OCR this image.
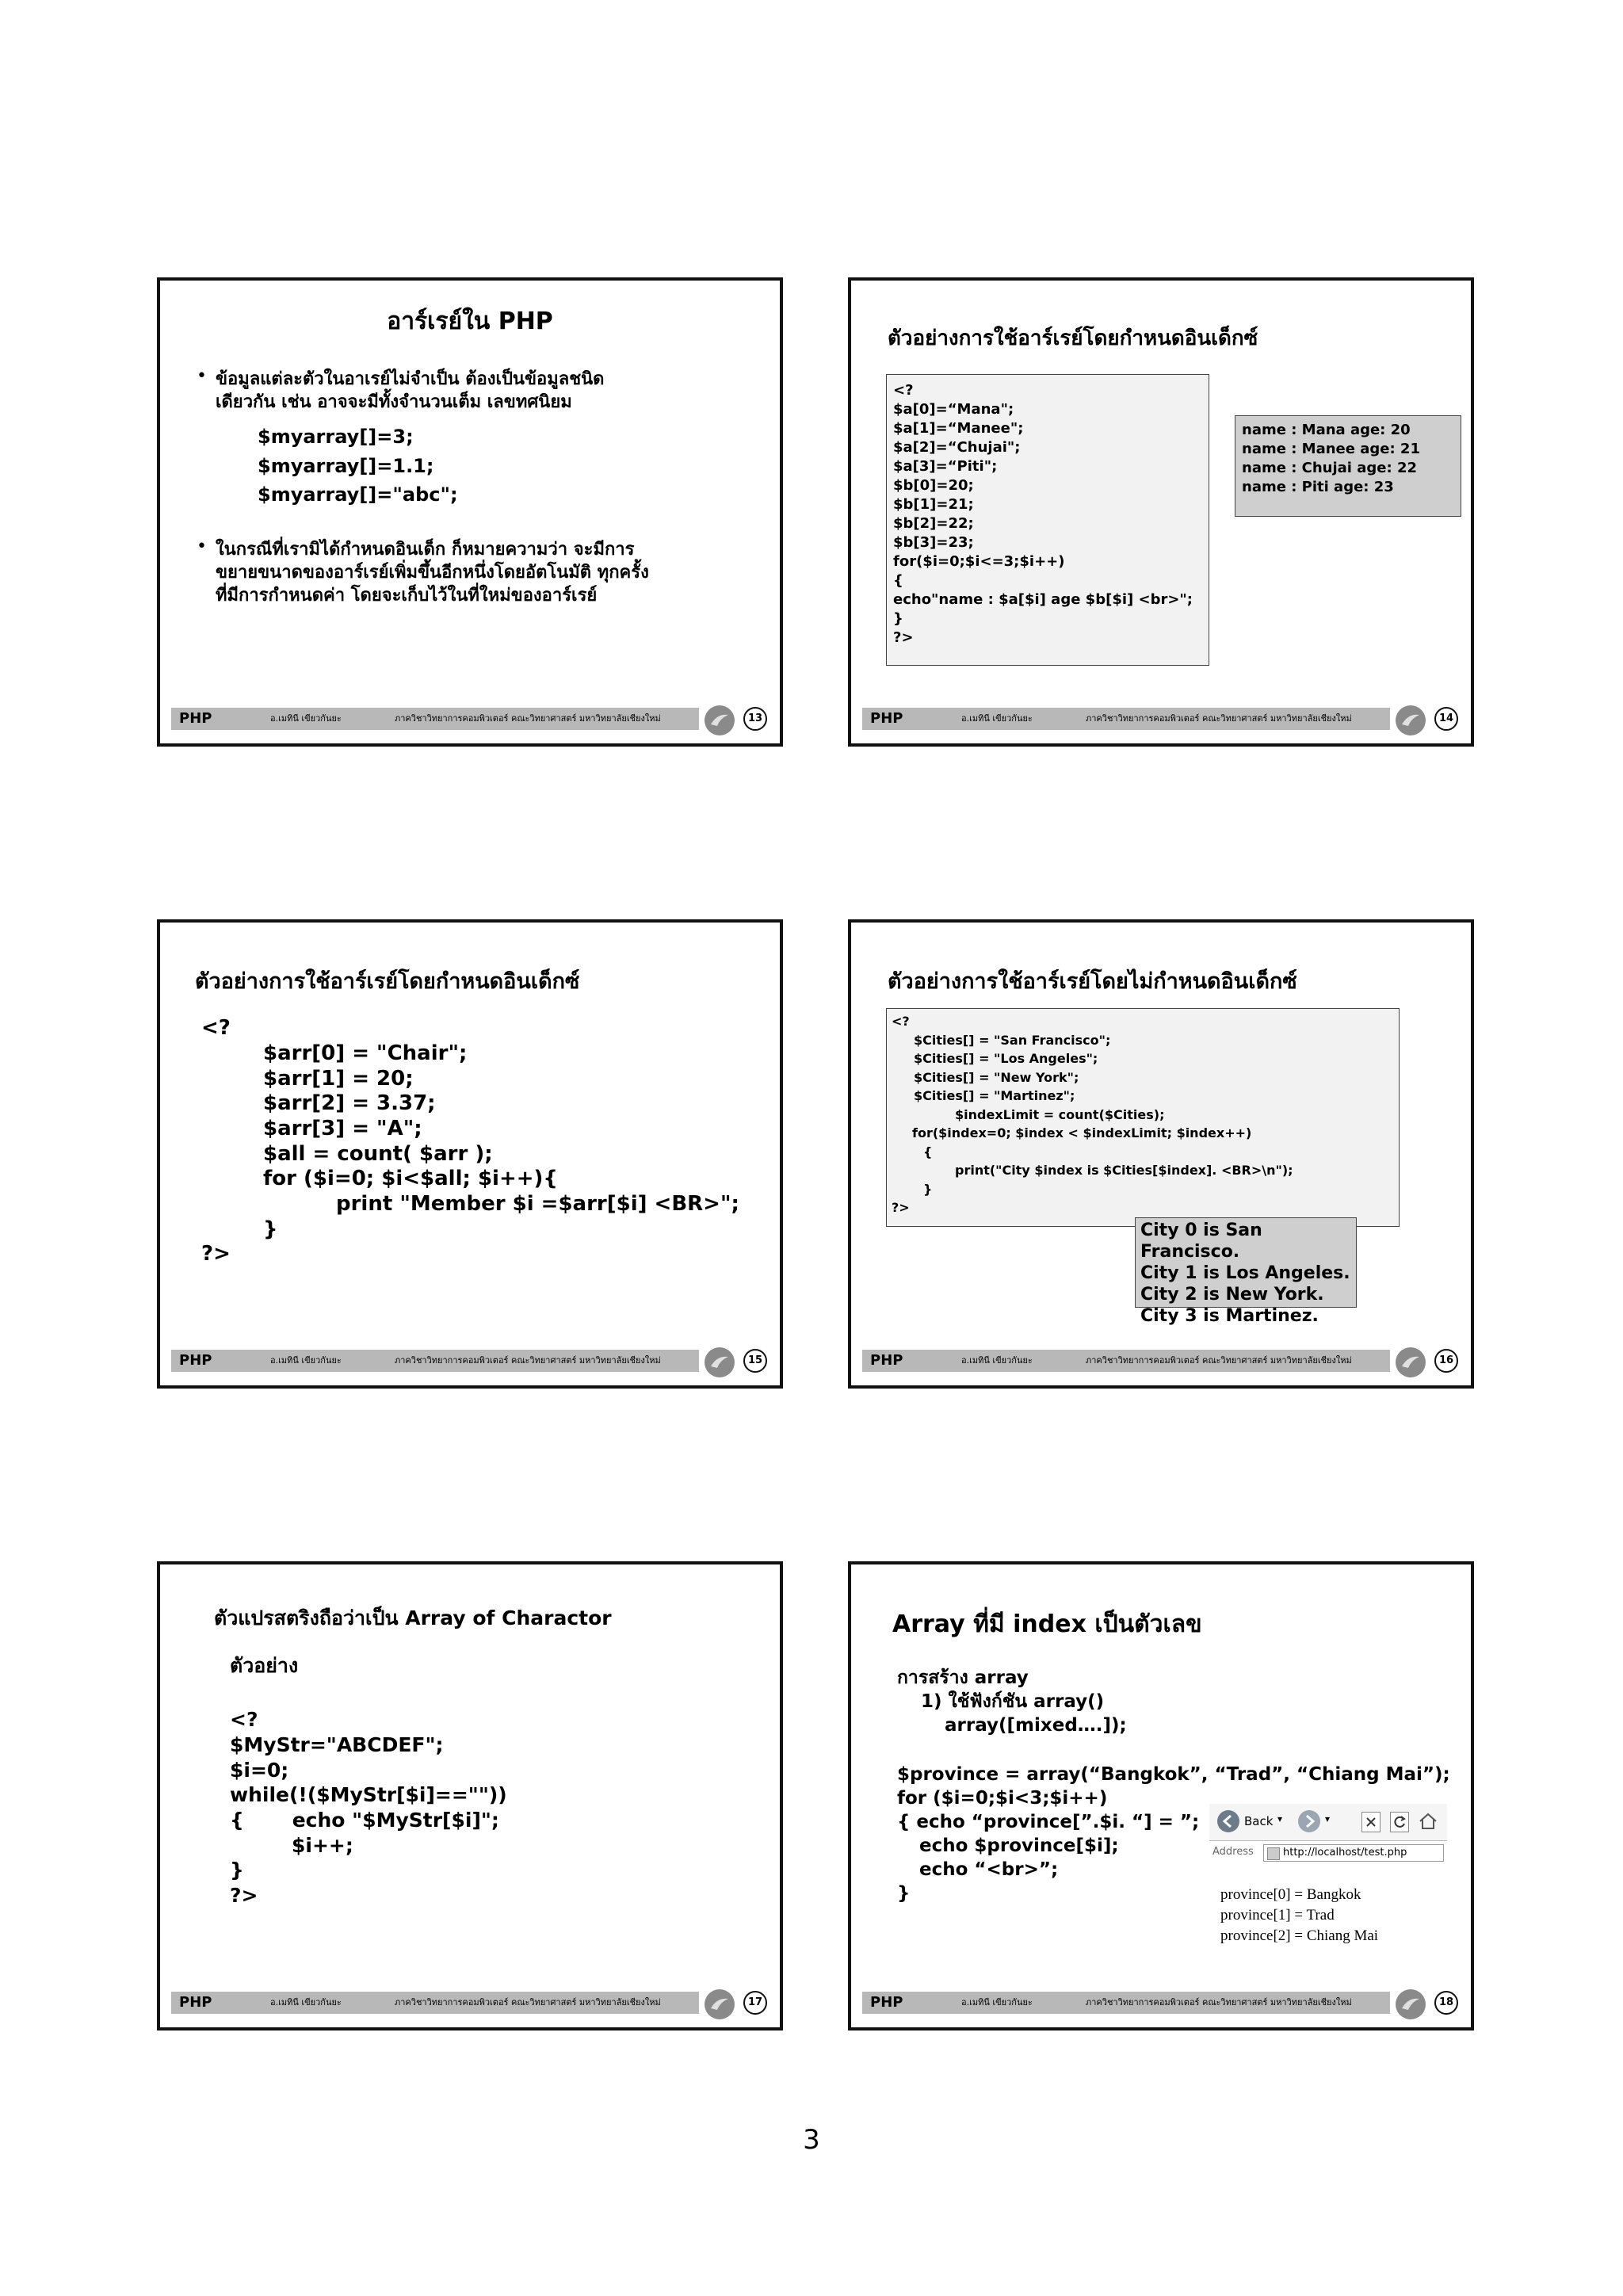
อาร์เรย์ใน PHP
• ข้อมูลแต่ละตัวในอาเรย์ไม่จำเป็น ต้องเป็นข้อมูลชนิด
เดียวกัน เช่น อาจจะมีทั้งจำนวนเต็ม เลขทศนิยม
$myarray[]=3;
$myarray[]=1.1;
$myarray[]="abc";
• ในกรณีที่เรามิได้กำหนดอินเด็ก ก็หมายความว่า จะมีการ
ขยายขนาดของอาร์เรย์เพิ่มขึ้นอีกหนึ่งโดยอัตโนมัติ ทุกครั้ง
ที่มีการกำหนดค่า โดยจะเก็บไว้ในที่ใหม่ของอาร์เรย์
PHP	อ.เมทินี เขียวกันยะ	ภาควิชาวิทยาการคอมพิวเตอร์ คณะวิทยาศาสตร์ มหาวิทยาลัยเชียงใหม่	13
ตัวอย่างการใช้อาร์เรย์โดยกำหนดอินเด็กซ์
<?
$a[0]=“Mana";
$a[1]=“Manee";
$a[2]=“Chujai";
$a[3]=“Piti";
$b[0]=20;
$b[1]=21;
$b[2]=22;
$b[3]=23;
for($i=0;$i<=3;$i++)
{
echo"name : $a[$i] age $b[$i] <br>";
}
?>
name : Mana age: 20
name : Manee age: 21
name : Chujai age: 22
name : Piti age: 23
PHP	อ.เมทินี เขียวกันยะ	ภาควิชาวิทยาการคอมพิวเตอร์ คณะวิทยาศาสตร์ มหาวิทยาลัยเชียงใหม่	14
ตัวอย่างการใช้อาร์เรย์โดยกำหนดอินเด็กซ์
<?
$arr[0] = "Chair";
$arr[1] = 20;
$arr[2] = 3.37;
$arr[3] = "A";
$all = count( $arr );
for ($i=0; $i<$all; $i++){
print "Member $i =$arr[$i] <BR>";
}
?>
PHP	อ.เมทินี เขียวกันยะ	ภาควิชาวิทยาการคอมพิวเตอร์ คณะวิทยาศาสตร์ มหาวิทยาลัยเชียงใหม่	15
ตัวอย่างการใช้อาร์เรย์โดยไม่กำหนดอินเด็กซ์
<?
$Cities[] = "San Francisco";
$Cities[] = "Los Angeles";
$Cities[] = "New York";
$Cities[] = "Martinez";
$indexLimit = count($Cities);
for($index=0; $index < $indexLimit; $index++)
{
print("City $index is $Cities[$index]. <BR>\n");
}
?>
City 0 is San Francisco.
City 1 is Los Angeles.
City 2 is New York.
City 3 is Martinez.
PHP	อ.เมทินี เขียวกันยะ	ภาควิชาวิทยาการคอมพิวเตอร์ คณะวิทยาศาสตร์ มหาวิทยาลัยเชียงใหม่	16
ตัวแปรสตริงถือว่าเป็น Array of Charactor
ตัวอย่าง
<?
$MyStr="ABCDEF";
$i=0;
while(!($MyStr[$i]==""))
{       echo "$MyStr[$i]";
$i++;
}
?>
PHP	อ.เมทินี เขียวกันยะ	ภาควิชาวิทยาการคอมพิวเตอร์ คณะวิทยาศาสตร์ มหาวิทยาลัยเชียงใหม่	17
Array ที่มี index เป็นตัวเลข
การสร้าง array
1) ใช้ฟังก์ชัน array()
array([mixed….]);
$province = array(“Bangkok”, “Trad”, “Chiang Mai”);
for ($i=0;$i<3;$i++)
{ echo “province[”.$i. “] = ”;
echo $province[$i];
echo “<br>”;
}
Back ▾	▾
Address	http://localhost/test.php
province[0] = Bangkok
province[1] = Trad
province[2] = Chiang Mai
PHP	อ.เมทินี เขียวกันยะ	ภาควิชาวิทยาการคอมพิวเตอร์ คณะวิทยาศาสตร์ มหาวิทยาลัยเชียงใหม่	18
3
